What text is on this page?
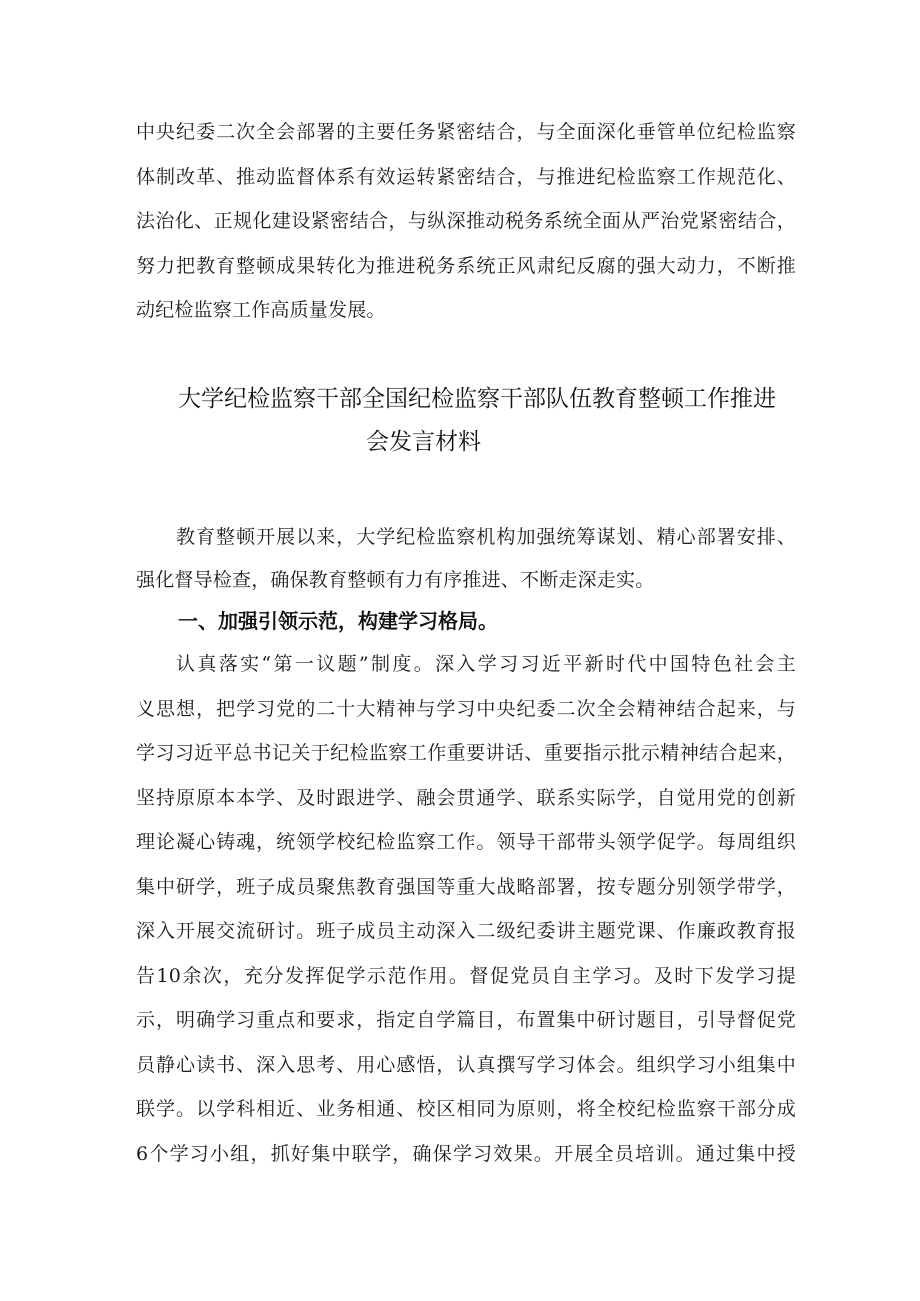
中央纪委二次全会部署的主要任务紧密结合，与全面深化垂管单位纪检监察
体制改革、推动监督体系有效运转紧密结合，与推进纪检监察工作规范化、
法治化、正规化建设紧密结合，与纵深推动税务系统全面从严治党紧密结合，
努力把教育整顿成果转化为推进税务系统正风肃纪反腐的强大动力，不断推
动纪检监察工作高质量发展。
大学纪检监察干部全国纪检监察干部队伍教育整顿工作推进
会发言材料
教育整顿开展以来，大学纪检监察机构加强统筹谋划、精心部署安排、
强化督导检查，确保教育整顿有力有序推进、不断走深走实。
一、加强引领示范，构建学习格局。
认真落实“第一议题”制度。深入学习习近平新时代中国特色社会主
义思想，把学习党的二十大精神与学习中央纪委二次全会精神结合起来，与
学习习近平总书记关于纪检监察工作重要讲话、重要指示批示精神结合起来，
坚持原原本本学、及时跟进学、融会贯通学、联系实际学，自觉用党的创新
理论凝心铸魂，统领学校纪检监察工作。领导干部带头领学促学。每周组织
集中研学，班子成员聚焦教育强国等重大战略部署，按专题分别领学带学，
深入开展交流研讨。班子成员主动深入二级纪委讲主题党课、作廉政教育报
告10余次，充分发挥促学示范作用。督促党员自主学习。及时下发学习提
示，明确学习重点和要求，指定自学篇目，布置集中研讨题目，引导督促党
员静心读书、深入思考、用心感悟，认真撰写学习体会。组织学习小组集中
联学。以学科相近、业务相通、校区相同为原则，将全校纪检监察干部分成
6个学习小组，抓好集中联学，确保学习效果。开展全员培训。通过集中授
